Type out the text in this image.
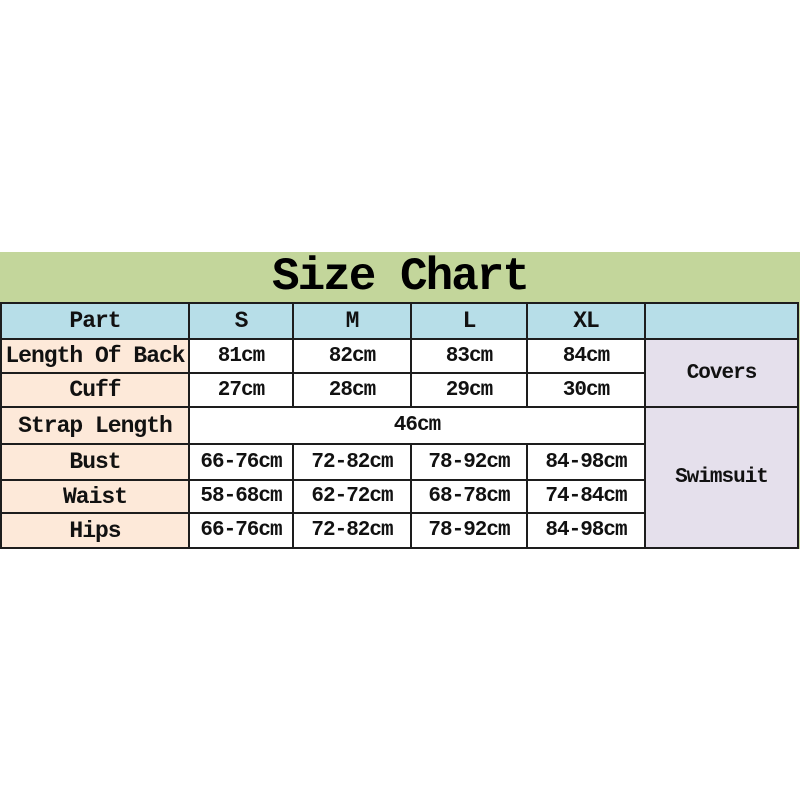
Size Chart
Part	S	M	L	XL	
Length Of Back	81cm	82cm	83cm	84cm	Covers
Cuff	27cm	28cm	29cm	30cm	
Strap Length	46cm				Swimsuit
Bust	66-76cm	72-82cm	78-92cm	84-98cm	
Waist	58-68cm	62-72cm	68-78cm	74-84cm	
Hips	66-76cm	72-82cm	78-92cm	84-98cm	
